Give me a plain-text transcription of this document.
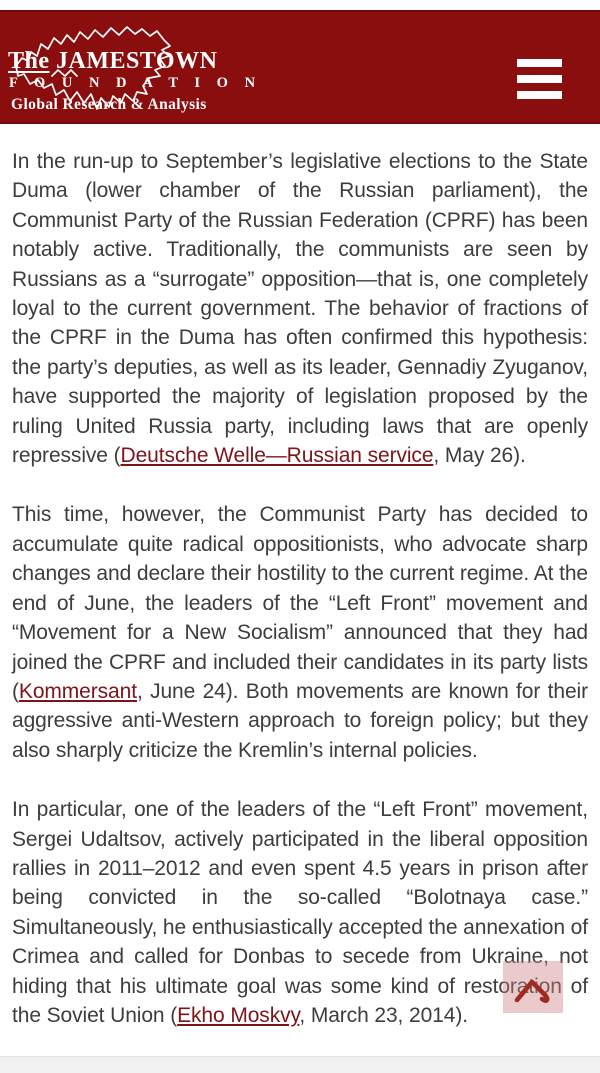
The JAMESTOWN
F O U N D A T I O N
Global Research & Analysis

In the run-up to September’s legislative elections to the State Duma (lower chamber of the Russian parliament), the Communist Party of the Russian Federation (CPRF) has been notably active. Traditionally, the communists are seen by Russians as a “surrogate” opposition—that is, one completely loyal to the current government. The behavior of fractions of the CPRF in the Duma has often confirmed this hypothesis: the party’s deputies, as well as its leader, Gennadiy Zyuganov, have supported the majority of legislation proposed by the ruling United Russia party, including laws that are openly repressive (Deutsche Welle—Russian service, May 26).

This time, however, the Communist Party has decided to accumulate quite radical oppositionists, who advocate sharp changes and declare their hostility to the current regime. At the end of June, the leaders of the “Left Front” movement and “Movement for a New Socialism” announced that they had joined the CPRF and included their candidates in its party lists (Kommersant, June 24). Both movements are known for their aggressive anti-Western approach to foreign policy; but they also sharply criticize the Kremlin’s internal policies.

In particular, one of the leaders of the “Left Front” movement, Sergei Udaltsov, actively participated in the liberal opposition rallies in 2011–2012 and even spent 4.5 years in prison after being convicted in the so-called “Bolotnaya case.” Simultaneously, he enthusiastically accepted the annexation of Crimea and called for Donbas to secede from Ukraine, not hiding that his ultimate goal was some kind of restoration of the Soviet Union (Ekho Moskvy, March 23, 2014).
